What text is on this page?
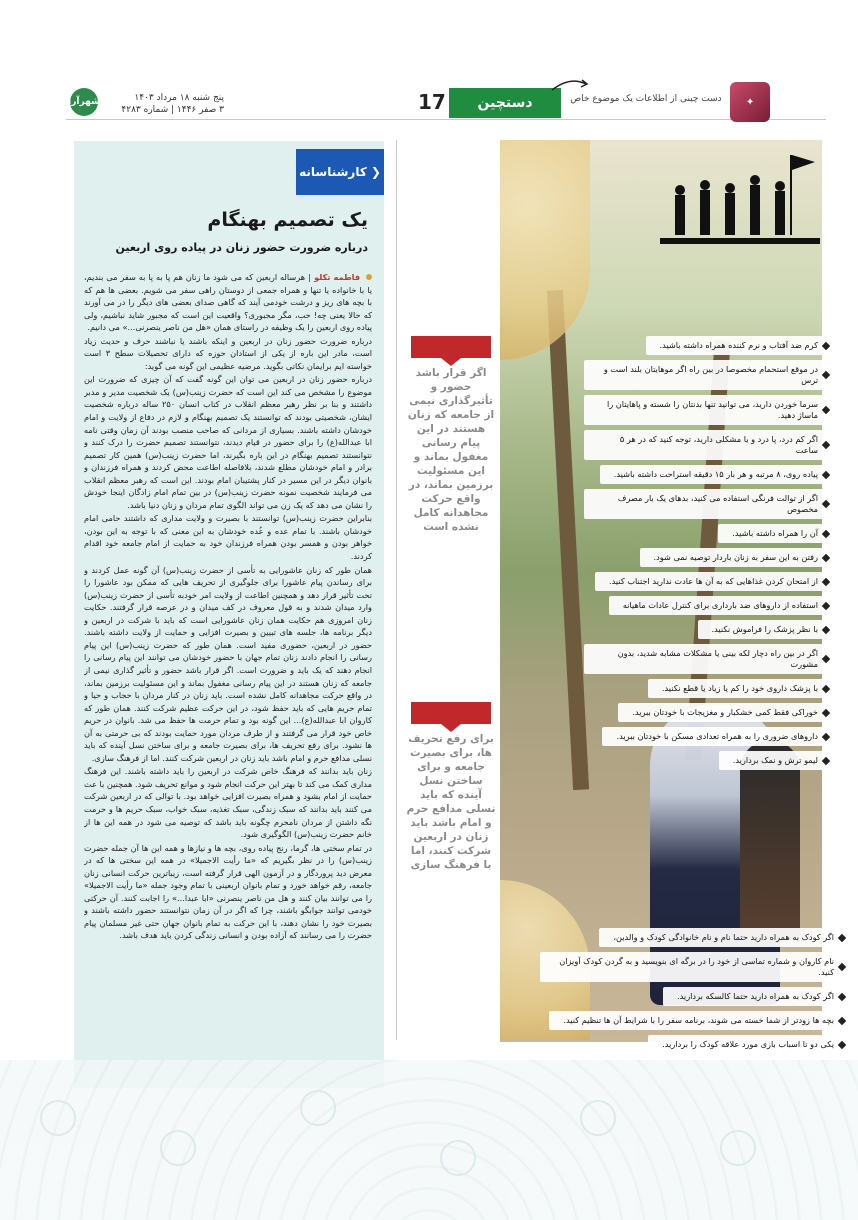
شهرآرا	پنج شنبه ۱۸ مرداد ۱۴۰۳
۳ صفر ۱۴۴۶ | شماره ۴۲۸۳	17	دستچین	دست چینی از اطلاعات یک موضوع خاص	✦
❮
کارشناسانه
یک تصمیم بهنگام
درباره ضرورت حضور زنان در پیاده روی اربعین

فاطمه تکلو | هرساله اربعین که می شود ما زنان هم پا به پا به سفر می بندیم، یا با خانواده یا تنها و همراه جمعی از دوستان راهی سفر می شویم. بعضی ها هم که با بچه های ریز و درشت خودمی آیند که گاهی صدای بعضی های دیگر را در می آورند که حالا یعنی چه! حب، مگر مجبوری؟ واقعیت این است که مجبور شاید نباشیم، ولی پیاده روی اربعین را یک وظیفه در راستای همان «هل من ناصر ینصرنی...» می دانیم.

درباره ضرورت حضور زنان در اربعین و اینکه باشند یا نباشند حرف و حدیث زیاد است، مادر این باره از یکی از استادان حوزه که دارای تحصیلات سطح ۳ است خواسته ایم برایمان نکاتی بگوید. مرضیه عظیمی این گونه می گوید:

درباره حضور زنان در اربعین می توان این گونه گفت که آن چیزی که ضرورت این موضوع را مشخص می کند این است که حضرت زینب(س) یک شخصیت مدیر و مدبر داشتند و بنا بر نظر رهبر معظم انقلاب در کتاب انسان ۲۵۰ ساله درباره شخصیت ایشان، شخصیتی بودند که توانستند یک تصمیم بهنگام و لازم در دفاع از ولایت و امام خودشان داشته باشند. بسیاری از مردانی که صاحب منصب بودند آن زمان وقتی نامه ابا عبدالله(ع) را برای حضور در قیام دیدند، نتوانستند تصمیم حضرت را درک کنند و نتوانستند تصمیم بهنگام در این باره بگیرند، اما حضرت زینب(س) همین کار تصمیم برادر و امام خودشان مطلع شدند، بلافاصله اطاعت محض کردند و همراه فرزندان و بانوان دیگر در این مسیر در کنار پشتیبان امام بودند. این است که رهبر معظم انقلاب می فرمایند شخصیت نمونه حضرت زینب(س) در بین تمام امام زادگان اینجا خودش را نشان می دهد که یک زن می تواند الگوی تمام مردان و زنان دنیا باشد.

بنابراین حضرت زینب(س) توانستند با بصیرت و ولایت مداری که داشتند حامی امام خودشان باشند. با تمام عده و عُده خودشان به این معنی که با توجه به این بودن، خواهر بودن و همسر بودن همراه فرزندان خود به حمایت از امام جامعه خود اقدام کردند.

همان طور که زنان عاشورایی به تأسی از حضرت زینب(س) آن گونه عمل کردند و برای رساندن پیام عاشورا برای جلوگیری از تحریف هایی که ممکن بود عاشورا را تحت تأثیر قرار دهد و همچنین اطاعت از ولایت امر خودبه تأسی از حضرت زینب(س) وارد میدان شدند و به قول معروف در کف میدان و در عرصه قرار گرفتند. حکایت زنان امروزی هم حکایت همان زنان عاشورایی است که باید با شرکت در اربعین و دیگر برنامه ها، جلسه های تبیین و بصیرت افزایی و حمایت از ولایت داشته باشند. حضور در اربعین، حضوری مفید است. همان طور که حضرت زینب(س) این پیام رسانی را انجام دادند زنان تمام جهان با حضور خودشان می توانند این پیام رسانی را انجام دهند که یک باید و ضرورت است. اگر قرار باشد حضور و تأثیر گذاری نیمی از جامعه که زنان هستند در این پیام رسانی مغفول بماند و این مسئولیت برزمین بماند، در واقع حرکت مجاهدانه کامل نشده است. باید زنان در کنار مردان با حجاب و حیا و تمام حریم هایی که باید حفظ شود، در این حرکت عظیم شرکت کنند. همان طور که کاروان ابا عبدالله(ع)... این گونه بود و تمام حرمت ها حفظ می شد. بانوان در حریم خاص خود قرار می گرفتند و از طرف مردان مورد حمایت بودند که بی حرمتی به آن ها نشود. برای رفع تحریف ها، برای بصیرت جامعه و برای ساختن نسل آینده که باید نسلی مدافع حرم و امام باشد باید زنان در اربعین شرکت کنند. اما از فرهنگ سازی.

زنان باید بدانند که فرهنگ خاص شرکت در اربعین را باید داشته باشند. این فرهنگ مداری کمک می کند تا بهتر این حرکت انجام شود و موانع تحریف شود. همچنین با عث حمایت از امام بشود و همراه بصیرت افزایی خواهد بود. با توالی که در اربعین شرکت می کنند باید بدانند که سبک زندگی، سبک تغذیه، سبک خواب، سبک حریم ها و حرمت نگه داشتن از مردان نامحرم چگونه باید باشد که توصیه می شود در همه این ها از خانم حضرت زینب(س) الگوگیری شود.

در تمام سختی ها، گرما، رنج پیاده روی، بچه ها و نیازها و همه این ها آن جمله حضرت زینب(س) را در نظر بگیریم که «ما رأیت الاجمیلا» در همه این سختی ها که در معرض دید پروردگار و در آزمون الهی قرار گرفته است، زیباترین حرکت انسانی زنان جامعه، رقم خواهد خورد و تمام بانوان اربعینی با تمام وجود جمله «ما رأیت الاجمیلا» را می توانند بیان کنند و هل من ناصر ینصرنی «ابا عبدا...» را اجابت کنند. آن حرکتی خودمی توانند جوابگو باشند، چرا که اگر در آن زمان نتوانستند حضور داشته باشند و بصیرت خود را نشان دهند، با این حرکت به تمام بانوان جهان حتی غیر مسلمان پیام حضرت را می رسانند که آزاده بودن و انسانی زندگی کردن باید هدف باشد.

اگر قرار باشد حضور و تأثیرگذاری نیمی از جامعه که زنان هستند در این پیام رسانی مغفول بماند و این مسئولیت برزمین بماند، در واقع حرکت مجاهدانه کامل نشده است
برای رفع تحریف ها، برای بصیرت جامعه و برای ساختن نسل آینده که باید نسلی مدافع حرم و امام باشد باید زنان در اربعین شرکت کنند، اما با فرهنگ سازی
کرم ضد آفتاب و نرم کننده همراه داشته باشید.
در موقع استحمام مخصوصا در بین راه اگر موهایتان بلند است و ترس
سرما خوردن دارید، می توانید تنها بدنتان را شسته و پاهایتان را ماساژ دهید.
اگر کم درد، پا درد و یا مشکلی دارید، توجه کنید که در هر ۵ ساعت
پیاده روی، ۸ مرتبه و هر بار ۱۵ دقیقه استراحت داشته باشید.
اگر از توالت فرنگی استفاده می کنید، بدهای یک بار مصرف مخصوص
آن را همراه داشته باشید.
رفتن به این سفر به زنان باردار توصیه نمی شود.
از امتحان کردن غذاهایی که به آن ها عادت ندارید اجتناب کنید.
استفاده از داروهای ضد بارداری برای کنترل عادات ماهیانه
با نظر پزشک را فراموش نکنید.
اگر در بین راه دچار لکه بینی یا مشکلات مشابه شدید، بدون مشورت
با پزشک داروی خود را کم یا زیاد یا قطع نکنید.
خوراکی فقط کمی خشکبار و مغزیجات با خودتان ببرید.
داروهای ضروری را به همراه تعدادی مسکن با خودتان ببرید.
لیمو ترش و نمک بردارید.
اگر کودک به همراه دارید حتما نام و نام خانوادگی کودک و والدین،
نام کاروان و شماره تماسی از خود را در برگه ای بنویسید و به گردن کودک آویزان کنید.
اگر کودک به همراه دارید حتما کالسکه بردارید.
بچه ها زودتر از شما خسته می شوند، برنامه سفر را با شرایط آن ها تنظیم کنید.
یکی دو تا اسباب بازی مورد علاقه کودک را بردارید.
